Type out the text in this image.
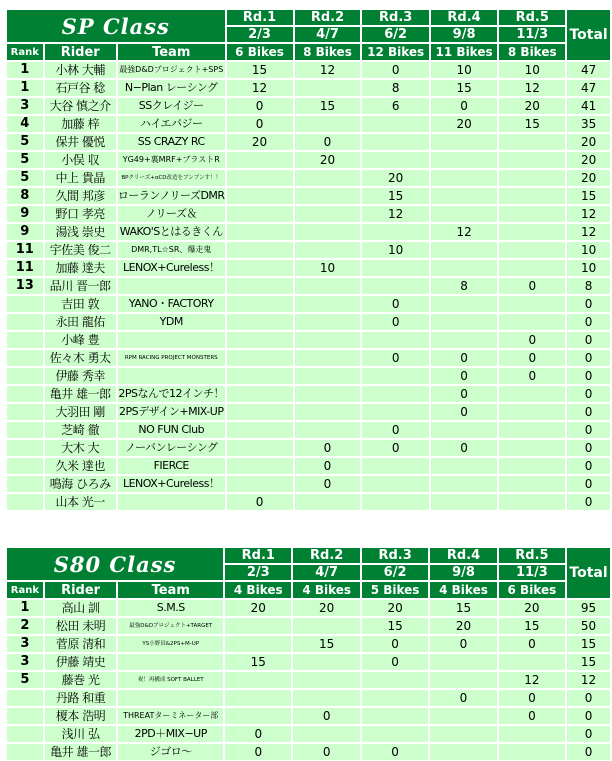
SP Class			Rd.1	Rd.2	Rd.3	Rd.4	Rd.5	Total
			2/3	4/7	6/2	9/8	11/3	
Rank	Rider	Team	6 Bikes	8 Bikes	12 Bikes	11 Bikes	8 Bikes	
1	小林 大輔	最強D&Dプロジェクト+SPS	15	12	0	10	10	47
1	石戸谷 稔	N−Plan レーシング	12		8	15	12	47
3	大谷 慎之介	SSクレイジー	0	15	6	0	20	41
4	加藤 梓	ハイエバジー	0			20	15	35
5	保井 優悦	SS CRAZY RC	20	0				20
5	小俣 収	YG49+裏MRF+ブラストR		20				20
5	中上 貴晶	BPクリーズ+αCD改造をブンブンす！！			20			20
8	久間 邦彦	ローランノリーズDMR			15			15
9	野口 孝亮	ノリーズ＆			12			12
9	湯浅 崇史	WAKO'Sとはるきくん				12		12
11	宇佐美 俊二	DMR,TL☆SR、爆走鬼			10			10
11	加藤 達夫	LENOX+Cureless！		10				10
13	品川 晋一郎					8	0	8
	吉田 敦	YANO・FACTORY			0			0
	永田 龍佑	YDM			0			0
	小峰 豊						0	0
	佐々木 勇太	RPM RACING PROJECT MONSTERS			0	0	0	0
	伊藤 秀幸					0	0	0
	亀井 雄一郎	2PSなんで12インチ！				0		0
	大羽田 剛	2PSデザイン+MIX-UP				0		0
	芝崎 徹	NO FUN Club			0			0
	大木 大	ノーバンレーシング		0	0	0		0
	久米 達也	FIERCE		0				0
	鳴海 ひろみ	LENOX+Cureless！		0				0
	山本 光一		0					0
S80 Class			Rd.1	Rd.2	Rd.3	Rd.4	Rd.5	Total
			2/3	4/7	6/2	9/8	11/3	
Rank	Rider	Team	4 Bikes	4 Bikes	5 Bikes	4 Bikes	6 Bikes	
1	高山 訓	S.M.S	20	20	20	15	20	95
2	松田 未明	最強D&Dプロジェクト+TARGET			15	20	15	50
3	菅原 清和	YS小野田&2PS+M-UP		15	0	0	0	15
3	伊藤 靖史		15		0			15
5	藤巻 光	祝！再構成 SOFT BALLET					12	12
	丹路 和重					0	0	0
	榎本 浩明	THREATターミネーター部		0			0	0
	浅川 弘	2PD＋MIX−UP	0					0
	亀井 雄一郎	ジゴロ〜	0	0	0			0
